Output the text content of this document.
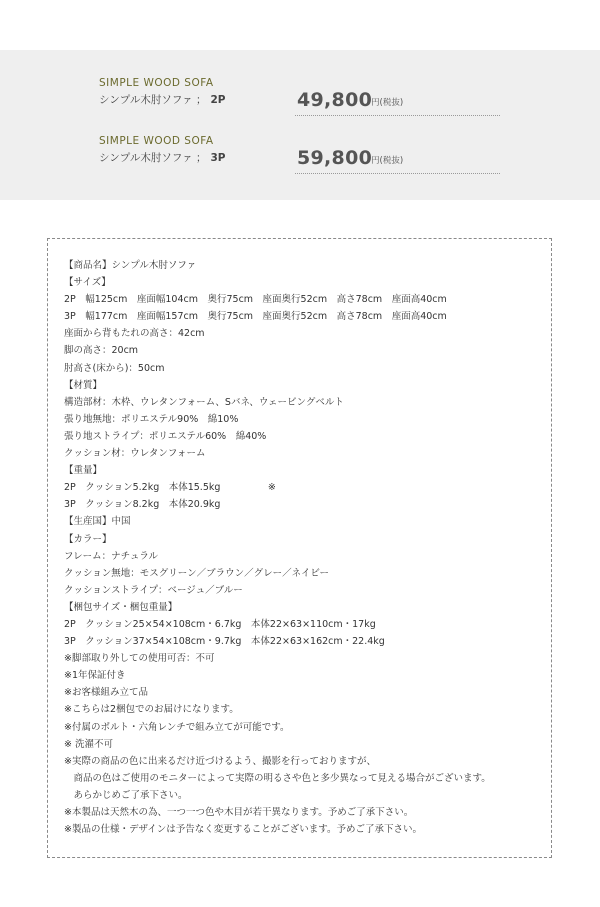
SIMPLE WOOD SOFA
シンプル木肘ソファ ； 2P	49,800
円(税抜)
SIMPLE WOOD SOFA
シンプル木肘ソファ ； 3P	59,800
円(税抜)
【商品名】シンプル木肘ソファ
【サイズ】
2P　幅125cm　座面幅104cm　奥行75cm　座面奥行52cm　高さ78cm　座面高40cm
3P　幅177cm　座面幅157cm　奥行75cm　座面奥行52cm　高さ78cm　座面高40cm
座面から背もたれの高さ：42cm
脚の高さ：20cm
肘高さ(床から)：50cm
【材質】
構造部材：木枠、ウレタンフォーム、Sバネ、ウェービングベルト
張り地無地：ポリエステル90%　綿10%
張り地ストライプ：ポリエステル60%　綿40%
クッション材：ウレタンフォーム
【重量】
2P　クッション5.2kg　本体15.5kg　　　　　※
3P　クッション8.2kg　本体20.9kg
【生産国】中国
【カラー】
フレーム：ナチュラル
クッション無地：モスグリーン／ブラウン／グレー／ネイビー
クッションストライプ：ベージュ／ブルー
【梱包サイズ・梱包重量】
2P　クッション25×54×108cm・6.7kg　本体22×63×110cm・17kg
3P　クッション37×54×108cm・9.7kg　本体22×63×162cm・22.4kg
※脚部取り外しての使用可否：不可
※1年保証付き
※お客様組み立て品
※こちらは2梱包でのお届けになります。
※付属のボルト・六角レンチで組み立てが可能です。
※ 洗濯不可
※実際の商品の色に出来るだけ近づけるよう、撮影を行っておりますが、
　商品の色はご使用のモニターによって実際の明るさや色と多少異なって見える場合がございます。
　あらかじめご了承下さい。
※本製品は天然木の為、一つ一つ色や木目が若干異なります。予めご了承下さい。
※製品の仕様・デザインは予告なく変更することがございます。予めご了承下さい。
